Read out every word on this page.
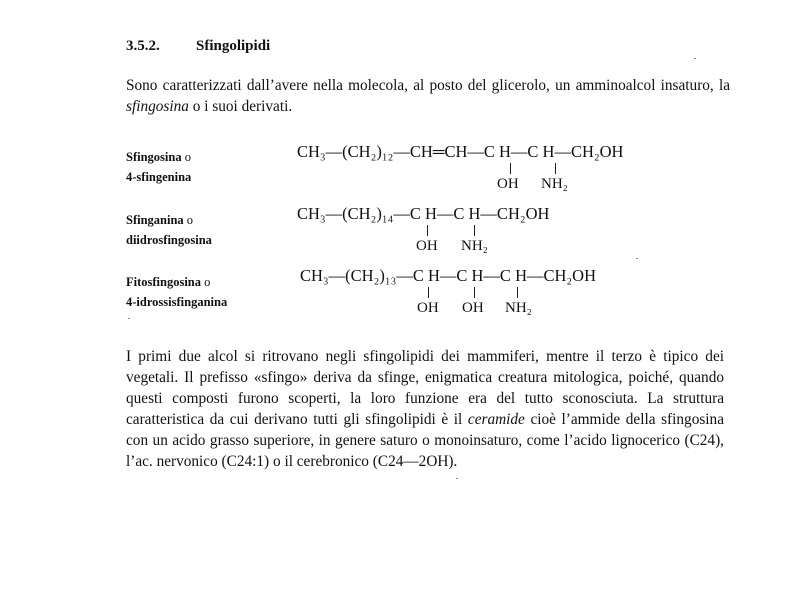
3.5.2. Sfingolipidi
Sono caratterizzati dall’avere nella molecola, al posto del glicerolo, un amminoalcol insaturo, la sfingosina o i suoi derivati.
Sfingosina o
4-sfingenina
CH₃—(CH₂)₁₂—CH═CH—C H—C H—CH₂OH
OH NH₂
Sfinganina o
diidrosfingosina
CH₃—(CH₂)₁₄—C H—C H—CH₂OH
OH NH₂
Fitosfingosina o
4-idrossisfinganina
CH₃—(CH₂)₁₃—C H—C H—C H—CH₂OH
OH OH NH₂
I primi due alcol si ritrovano negli sfingolipidi dei mammiferi, mentre il terzo è tipico dei vegetali. Il prefisso «sfingo» deriva da sfinge, enigmatica creatura mitologica, poiché, quando questi composti furono scoperti, la loro funzione era del tutto sconosciuta. La struttura caratteristica da cui derivano tutti gli sfingolipidi è il ceramide cioè l’ammide della sfingosina con un acido grasso superiore, in genere saturo o monoinsaturo, come l’acido lignocerico (C24), l’ac. nervonico (C24:1) o il cerebronico (C24—2OH).
